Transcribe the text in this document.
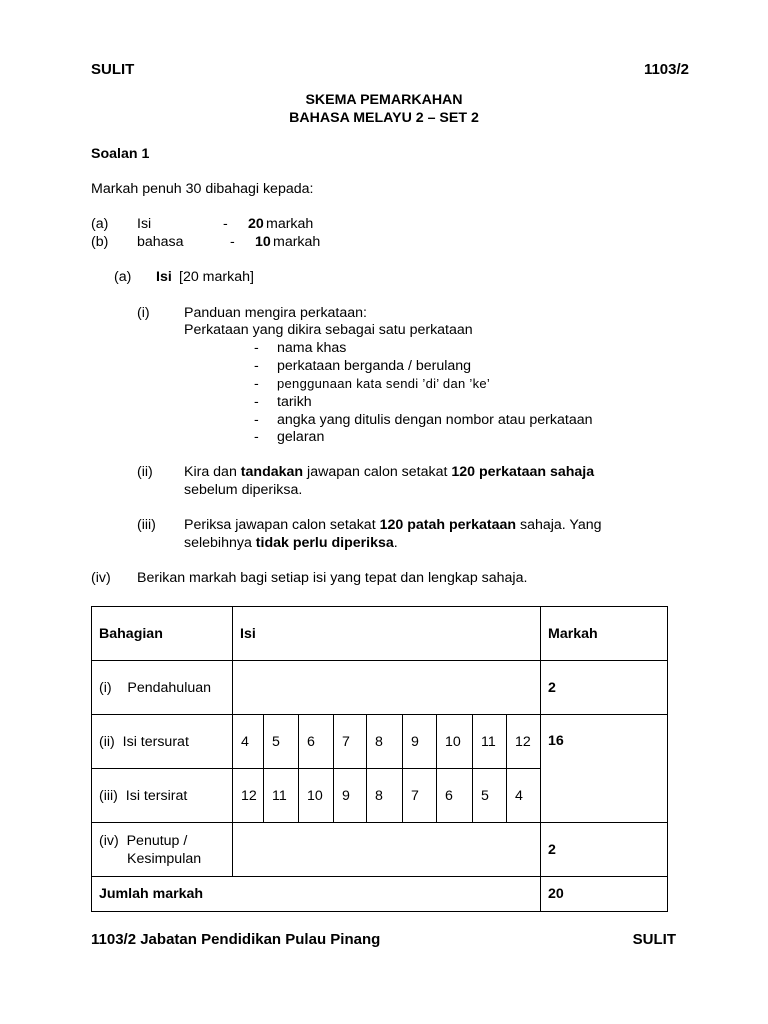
SULIT	1103/2
SKEMA PEMARKAHAN
BAHASA MELAYU 2 – SET 2
Soalan 1
Markah penuh 30 dibahagi kepada:
(a) Isi	- 20 markah
(b) bahasa	- 10 markah
(a) Isi [20 markah]
(i) Panduan mengira perkataan:
Perkataan yang dikira sebagai satu perkataan
- nama khas
- perkataan berganda / berulang
- penggunaan kata sendi ’di’ dan ’ke’
- tarikh
- angka yang ditulis dengan nombor atau perkataan
- gelaran
(ii) Kira dan tandakan jawapan calon setakat 120 perkataan sahaja
sebelum diperiksa.
(iii) Periksa jawapan calon setakat 120 patah perkataan sahaja. Yang
selebihnya tidak perlu diperiksa.
(iv) Berikan markah bagi setiap isi yang tepat dan lengkap sahaja.
Bahagian	Isi									Markah
(i) Pendahuluan										2
(ii) Isi tersurat	4	5	6	7	8	9	10	11	12	16
(iii) Isi tersirat	12	11	10	9	8	7	6	5	4	

(iv) Penutup /
Kesimpulan										2
Jumlah markah										20
1103/2 Jabatan Pendidikan Pulau Pinang	SULIT
